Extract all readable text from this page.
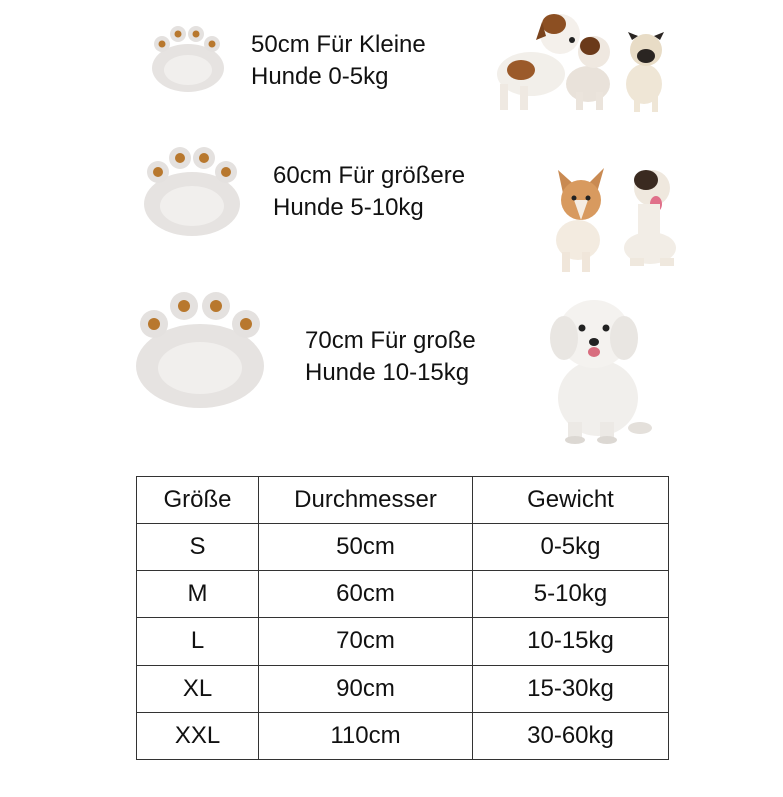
50cm Für Kleine
Hunde 0-5kg
60cm Für größere
Hunde 5-10kg
70cm Für große
Hunde 10-15kg
Größe	Durchmesser	Gewicht
S	50cm	0-5kg
M	60cm	5-10kg
L	70cm	10-15kg
XL	90cm	15-30kg
XXL	110cm	30-60kg
